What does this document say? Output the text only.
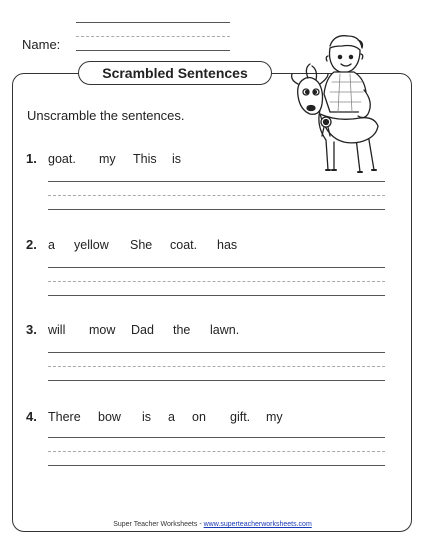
Name:
Scrambled Sentences
Unscramble the sentences.
1. goat. my This is
2. a yellow She coat. has
3. will mow Dad the lawn.
4. There bow is a on gift. my
Super Teacher Worksheets - www.superteacherworksheets.com
